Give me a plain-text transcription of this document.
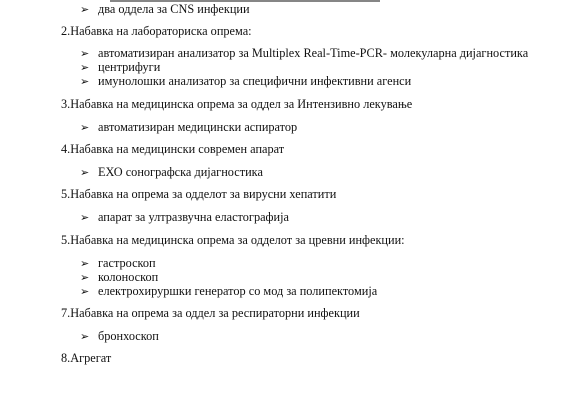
➢ два оддела за CNS инфекции
2.Набавка на лабораториска опрема:
➢ автоматизиран анализатор за Multiplex Real-Time-PCR- молекуларна дијагностика
➢ центрифуги
➢ имунолошки анализатор за специфични инфективни агенси
3.Набавка на медицинска опрема за оддел за Интензивно лекување
➢ автоматизиран медицински аспиратор
4.Набавка на медицински современ апарат
➢ ЕХО сонографска дијагностика
5.Набавка на опрема за одделот за вирусни хепатити
➢ апарат за ултразвучна еластографија
5.Набавка на медицинска опрема за одделот за цревни инфекции:
➢ гастроскоп
➢ колоноскоп
➢ електрохируршки генератор со мод за полипектомија
7.Набавка на опрема за оддел за респираторни инфекции
➢ бронхоскоп
8.Агрегат
